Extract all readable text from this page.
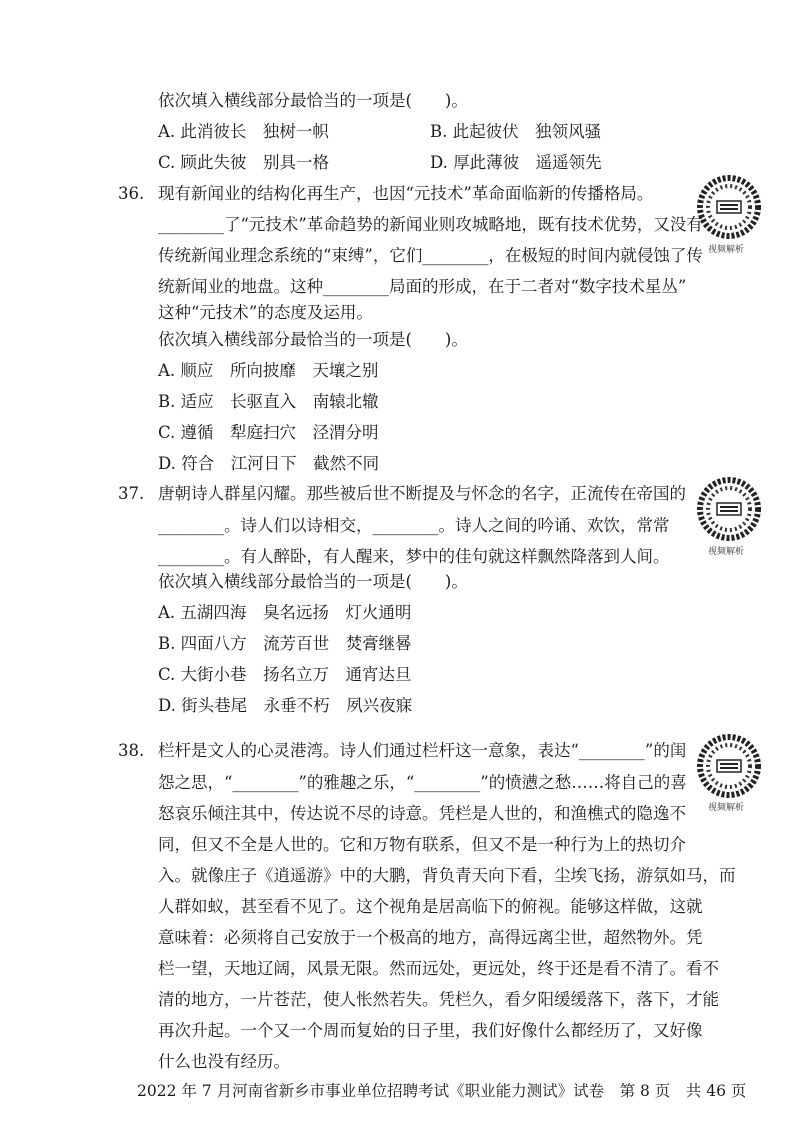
依次填入横线部分最恰当的一项是(　　)。
A. 此消彼长　独树一帜	B. 此起彼伏　独领风骚
C. 顾此失彼　别具一格	D. 厚此薄彼　遥遥领先
36. 现有新闻业的结构化再生产，也因“元技术”革命面临新的传播格局。
________了“元技术”革命趋势的新闻业则攻城略地，既有技术优势，又没有
传统新闻业理念系统的“束缚”，它们________，在极短的时间内就侵蚀了传
统新闻业的地盘。这种________局面的形成，在于二者对“数字技术星丛”
这种“元技术”的态度及运用。
依次填入横线部分最恰当的一项是(　　)。
A. 顺应　所向披靡　天壤之别
B. 适应　长驱直入　南辕北辙
C. 遵循　犁庭扫穴　泾渭分明
D. 符合　江河日下　截然不同
视频解析
37. 唐朝诗人群星闪耀。那些被后世不断提及与怀念的名字，正流传在帝国的
________。诗人们以诗相交，________。诗人之间的吟诵、欢饮，常常
________。有人醉卧，有人醒来，梦中的佳句就这样飘然降落到人间。
依次填入横线部分最恰当的一项是(　　)。
A. 五湖四海　臭名远扬　灯火通明
B. 四面八方　流芳百世　焚膏继晷
C. 大街小巷　扬名立万　通宵达旦
D. 街头巷尾　永垂不朽　夙兴夜寐
视频解析
38. 栏杆是文人的心灵港湾。诗人们通过栏杆这一意象，表达“________”的闺
怨之思，“________”的雅趣之乐，“________”的愤懑之愁……将自己的喜
怒哀乐倾注其中，传达说不尽的诗意。凭栏是人世的，和渔樵式的隐逸不
同，但又不全是人世的。它和万物有联系，但又不是一种行为上的热切介
入。就像庄子《逍遥游》中的大鹏，背负青天向下看，尘埃飞扬，游氛如马，而
人群如蚁，甚至看不见了。这个视角是居高临下的俯视。能够这样做，这就
意味着：必须将自己安放于一个极高的地方，高得远离尘世，超然物外。凭
栏一望，天地辽阔，风景无限。然而远处，更远处，终于还是看不清了。看不
清的地方，一片苍茫，使人怅然若失。凭栏久，看夕阳缓缓落下，落下，才能
再次升起。一个又一个周而复始的日子里，我们好像什么都经历了，又好像
什么也没有经历。
视频解析
2022 年 7 月河南省新乡市事业单位招聘考试《职业能力测试》试卷　第 8 页　共 46 页
